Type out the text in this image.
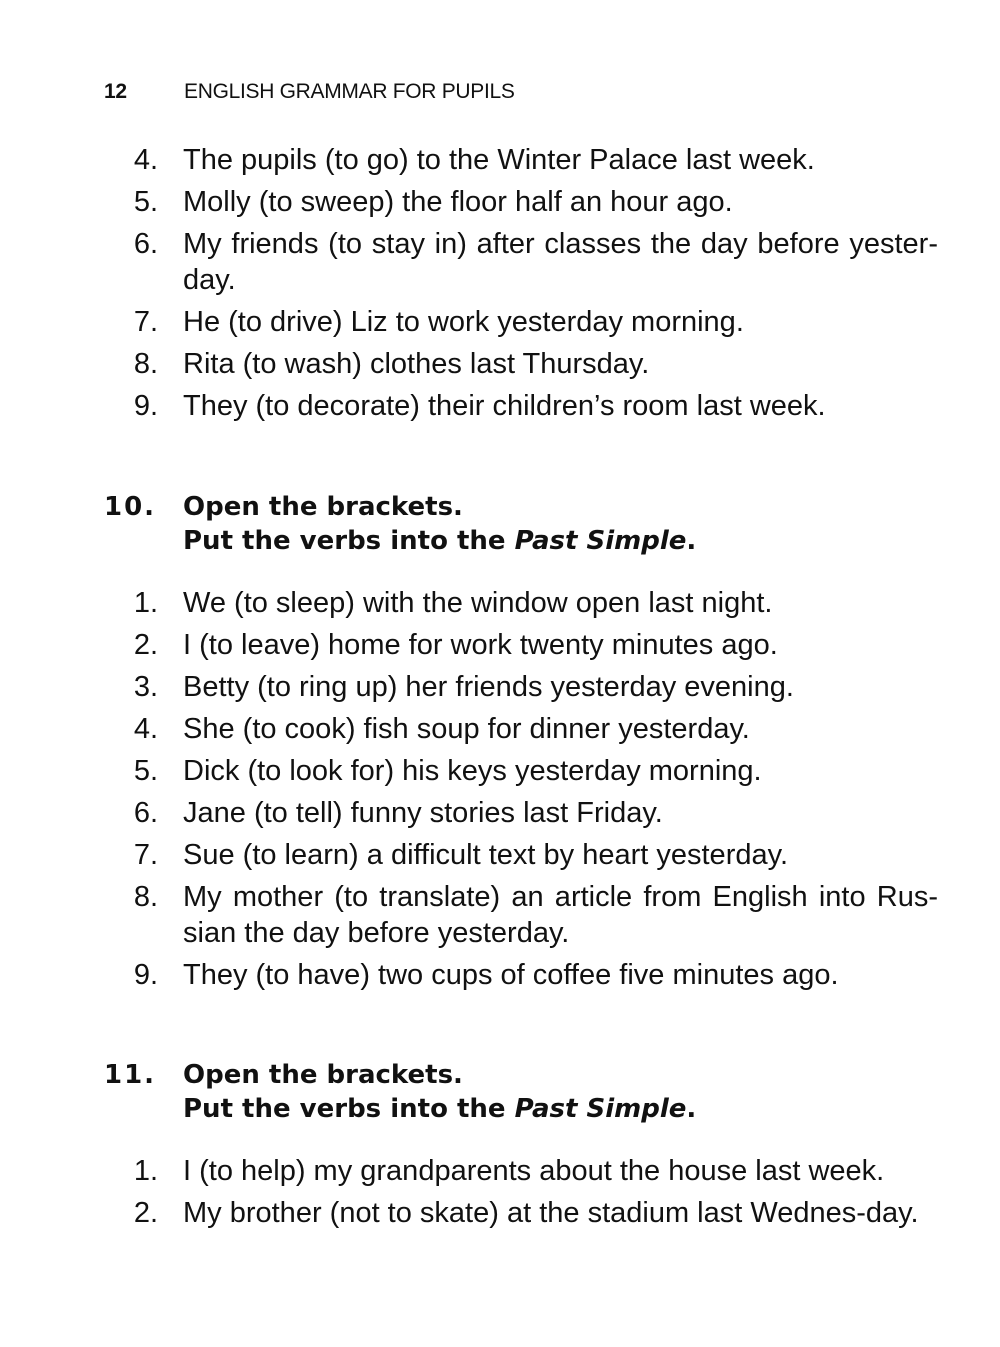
12	ENGLISH GRAMMAR FOR PUPILS
4. The pupils (to go) to the Winter Palace last week.
5. Molly (to sweep) the floor half an hour ago.
6. My friends (to stay in) after classes the day before yester-day.
7. He (to drive) Liz to work yesterday morning.
8. Rita (to wash) clothes last Thursday.
9. They (to decorate) their children’s room last week.
10. Open the brackets.
Put the verbs into the Past Simple.
1. We (to sleep) with the window open last night.
2. I (to leave) home for work twenty minutes ago.
3. Betty (to ring up) her friends yesterday evening.
4. She (to cook) fish soup for dinner yesterday.
5. Dick (to look for) his keys yesterday morning.
6. Jane (to tell) funny stories last Friday.
7. Sue (to learn) a difficult text by heart yesterday.
8. My mother (to translate) an article from English into Rus-sian the day before yesterday.
9. They (to have) two cups of coffee five minutes ago.
11. Open the brackets.
Put the verbs into the Past Simple.
1. I (to help) my grandparents about the house last week.
2. My brother (not to skate) at the stadium last Wednes-day.
